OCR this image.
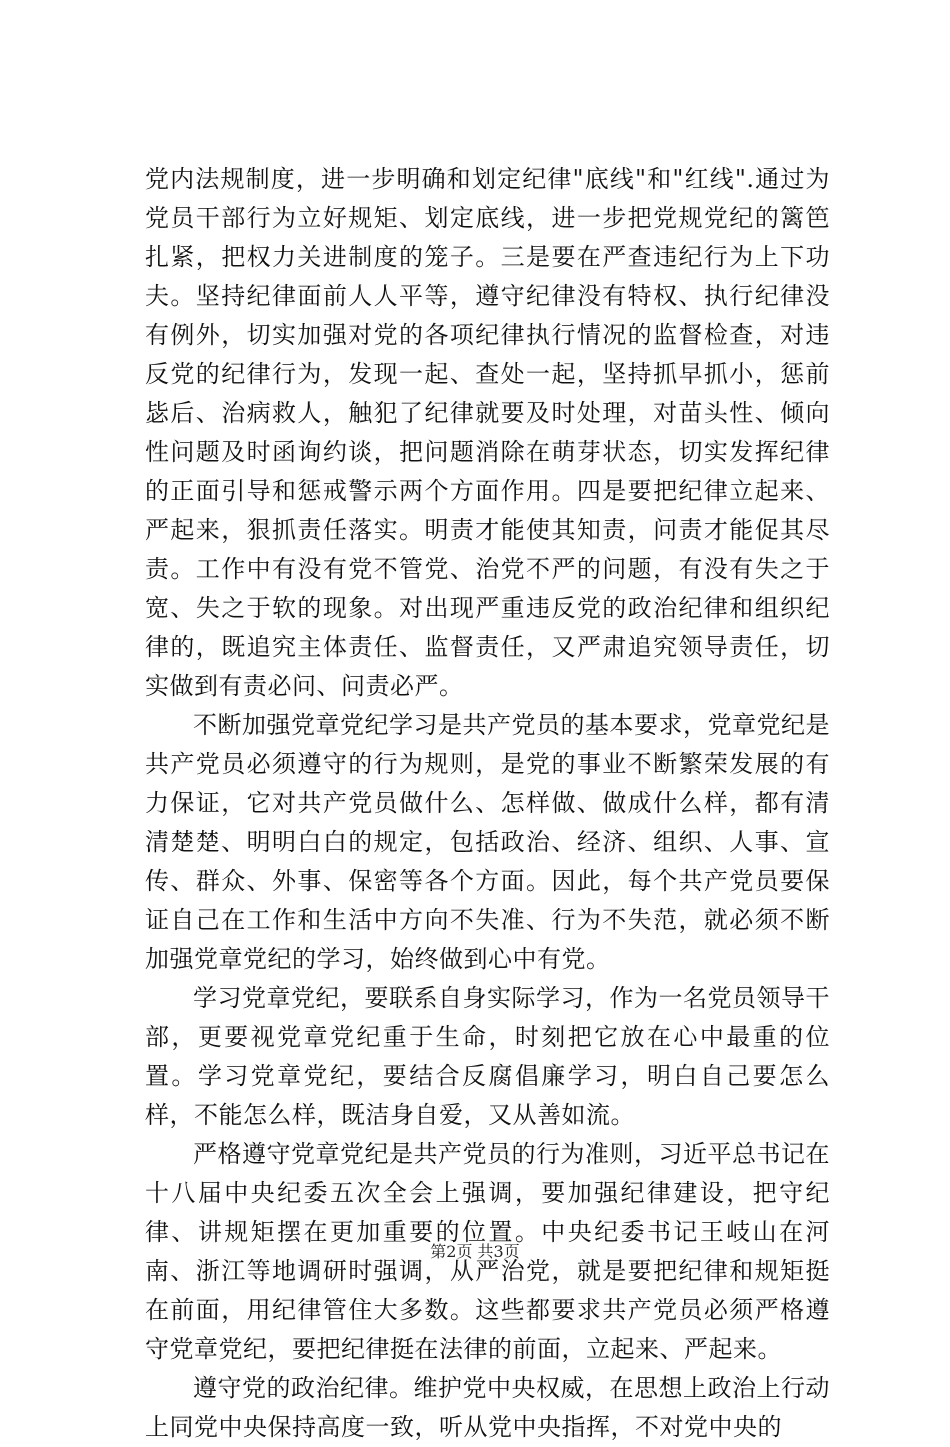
党内法规制度，进一步明确和划定纪律"底线"和"红线".通过为党员干部行为立好规矩、划定底线，进一步把党规党纪的篱笆扎紧，把权力关进制度的笼子。三是要在严查违纪行为上下功夫。坚持纪律面前人人平等，遵守纪律没有特权、执行纪律没有例外，切实加强对党的各项纪律执行情况的监督检查，对违反党的纪律行为，发现一起、查处一起，坚持抓早抓小，惩前毖后、治病救人，触犯了纪律就要及时处理，对苗头性、倾向性问题及时函询约谈，把问题消除在萌芽状态，切实发挥纪律的正面引导和惩戒警示两个方面作用。四是要把纪律立起来、严起来，狠抓责任落实。明责才能使其知责，问责才能促其尽责。工作中有没有党不管党、治党不严的问题，有没有失之于宽、失之于软的现象。对出现严重违反党的政治纪律和组织纪律的，既追究主体责任、监督责任，又严肃追究领导责任，切实做到有责必问、问责必严。

不断加强党章党纪学习是共产党员的基本要求，党章党纪是共产党员必须遵守的行为规则，是党的事业不断繁荣发展的有力保证，它对共产党员做什么、怎样做、做成什么样，都有清清楚楚、明明白白的规定，包括政治、经济、组织、人事、宣传、群众、外事、保密等各个方面。因此，每个共产党员要保证自己在工作和生活中方向不失准、行为不失范，就必须不断加强党章党纪的学习，始终做到心中有党。

学习党章党纪，要联系自身实际学习，作为一名党员领导干部，更要视党章党纪重于生命，时刻把它放在心中最重的位置。学习党章党纪，要结合反腐倡廉学习，明白自己要怎么样，不能怎么样，既洁身自爱，又从善如流。

严格遵守党章党纪是共产党员的行为准则，习近平总书记在十八届中央纪委五次全会上强调，要加强纪律建设，把守纪律、讲规矩摆在更加重要的位置。中央纪委书记王岐山在河南、浙江等地调研时强调，从严治党，就是要把纪律和规矩挺在前面，用纪律管住大多数。这些都要求共产党员必须严格遵守党章党纪，要把纪律挺在法律的前面，立起来、严起来。

遵守党的政治纪律。维护党中央权威，在思想上政治上行动上同党中央保持高度一致，听从党中央指挥，不对党中央的

第2页 共3页
